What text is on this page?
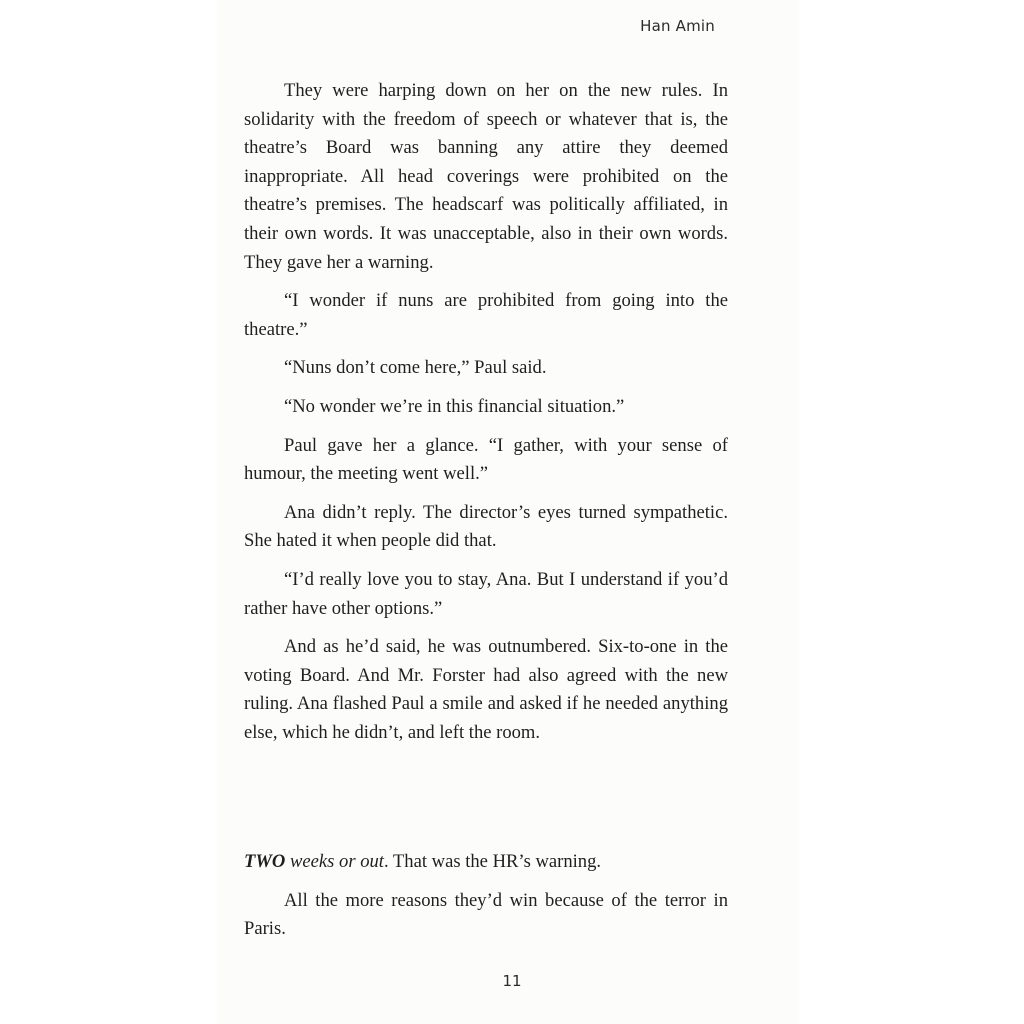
Han Amin

They were harping down on her on the new rules. In solidarity with the freedom of speech or whatever that is, the theatre’s Board was banning any attire they deemed inappropriate. All head coverings were prohibited on the theatre’s premises. The headscarf was politically affiliated, in their own words. It was unacceptable, also in their own words. They gave her a warning.

“I wonder if nuns are prohibited from going into the theatre.”

“Nuns don’t come here,” Paul said.

“No wonder we’re in this financial situation.”

Paul gave her a glance. “I gather, with your sense of humour, the meeting went well.”

Ana didn’t reply. The director’s eyes turned sympathetic. She hated it when people did that.

“I’d really love you to stay, Ana. But I understand if you’d rather have other options.”

And as he’d said, he was outnumbered. Six-to-one in the voting Board. And Mr. Forster had also agreed with the new ruling. Ana flashed Paul a smile and asked if he needed anything else, which he didn’t, and left the room.

TWO weeks or out. That was the HR’s warning.

All the more reasons they’d win because of the terror in Paris.

11
